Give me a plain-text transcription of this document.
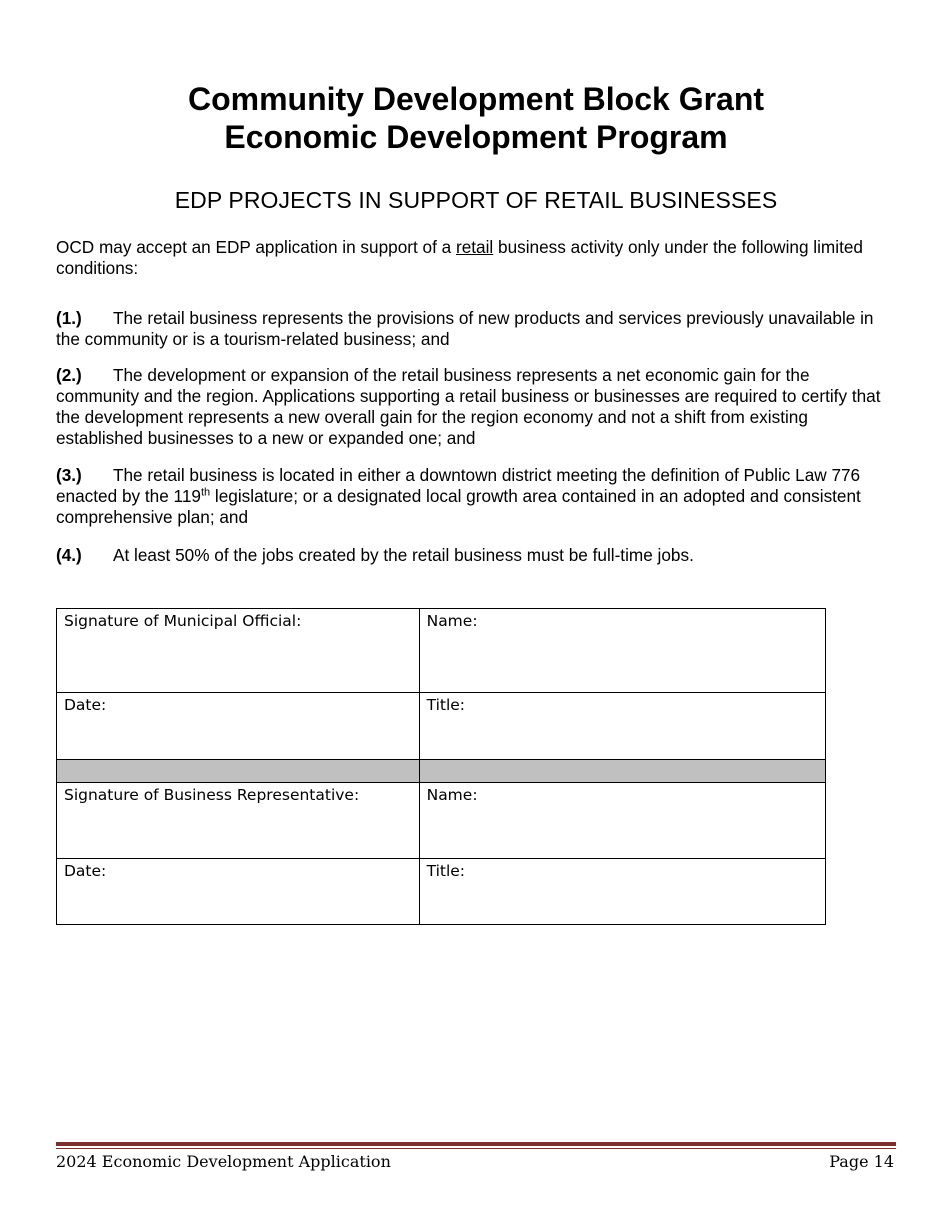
Community Development Block Grant
Economic Development Program
EDP PROJECTS IN SUPPORT OF RETAIL BUSINESSES
OCD may accept an EDP application in support of a retail business activity only under the following limited conditions:
(1.) The retail business represents the provisions of new products and services previously unavailable in the community or is a tourism-related business; and
(2.) The development or expansion of the retail business represents a net economic gain for the community and the region. Applications supporting a retail business or businesses are required to certify that the development represents a new overall gain for the region economy and not a shift from existing established businesses to a new or expanded one; and
(3.) The retail business is located in either a downtown district meeting the definition of Public Law 776 enacted by the 119th legislature; or a designated local growth area contained in an adopted and consistent comprehensive plan; and
(4.) At least 50% of the jobs created by the retail business must be full-time jobs.
Signature of Municipal Official:	Name:
Date:	Title:

Signature of Business Representative:	Name:
Date:	Title:
2024 Economic Development Application	Page 14
